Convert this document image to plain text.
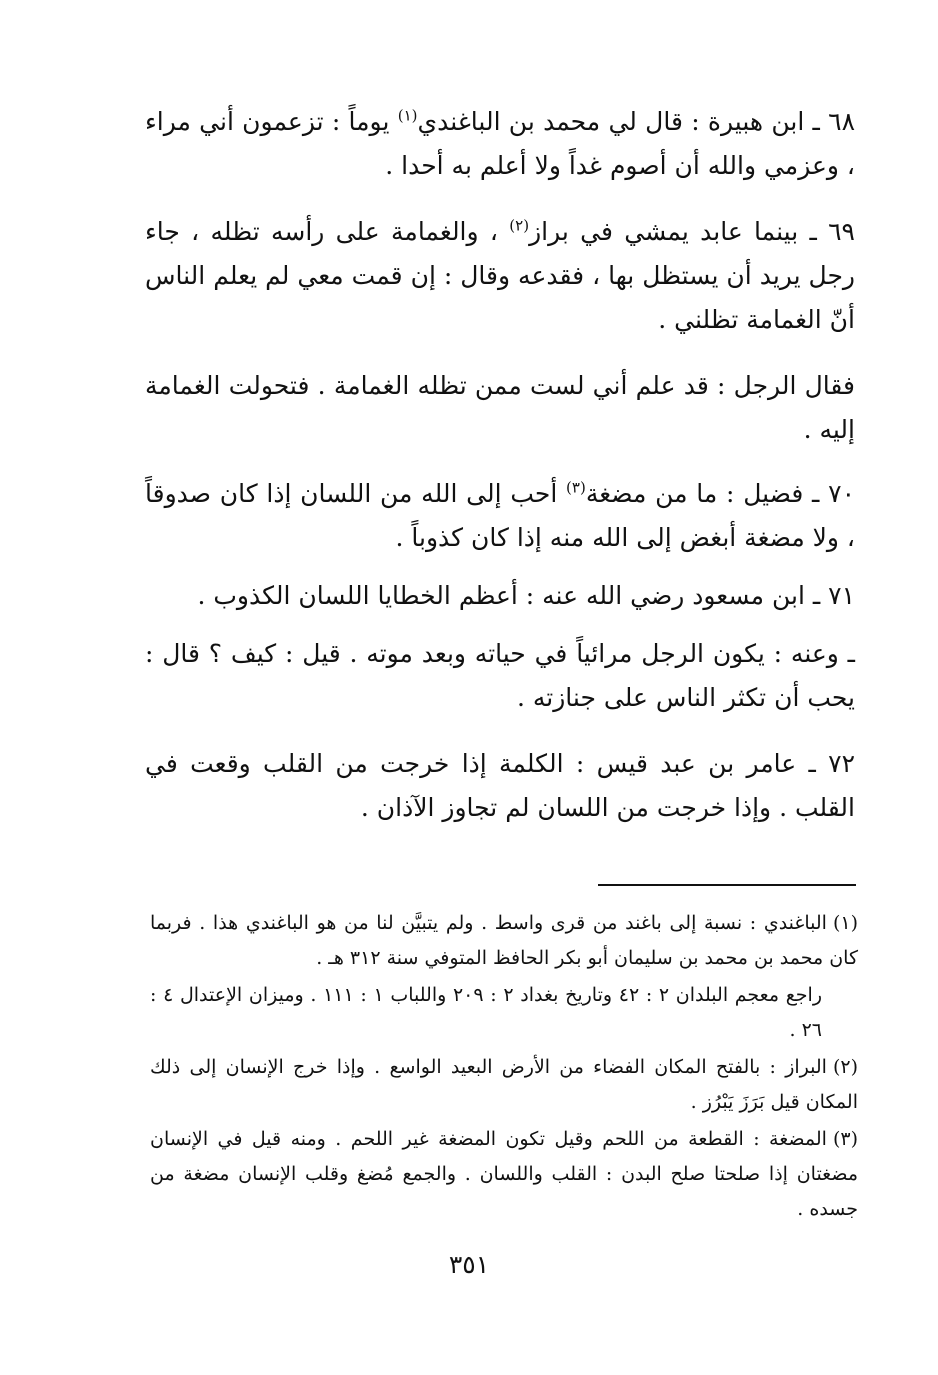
٦٨ ـ ابن هبيرة : قال لي محمد بن الباغندي$^{(١)}$ يوماً : تزعمون أني مراء ، وعزمي والله أن أصوم غداً ولا أعلم به أحدا .

٦٩ ـ بينما عابد يمشي في براز$^{(٢)}$ ، والغمامة على رأسه تظله ، جاء رجل يريد أن يستظل بها ، فقدعه وقال : إن قمت معي لم يعلم الناس أنّ الغمامة تظلني .

فقال الرجل : قد علم أني لست ممن تظله الغمامة . فتحولت الغمامة إليه .

٧٠ ـ فضيل : ما من مضغة$^{(٣)}$ أحب إلى الله من اللسان إذا كان صدوقاً ، ولا مضغة أبغض إلى الله منه إذا كان كذوباً .

٧١ ـ ابن مسعود رضي الله عنه : أعظم الخطايا اللسان الكذوب .

ـ وعنه : يكون الرجل مرائياً في حياته وبعد موته . قيل : كيف ؟ قال : يحب أن تكثر الناس على جنازته .

٧٢ ـ عامر بن عبد قيس : الكلمة إذا خرجت من القلب وقعت في القلب . وإذا خرجت من اللسان لم تجاوز الآذان .

(١)الباغندي : نسبة إلى باغند من قرى واسط . ولم يتبيَّن لنا من هو الباغندي هذا . فربما كان محمد بن محمد بن سليمان أبو بكر الحافظ المتوفي سنة ٣١٢ هـ .

راجع معجم البلدان ٢ : ٤٢ وتاريخ بغداد ٢ : ٢٠٩ واللباب ١ : ١١١ . وميزان الإعتدال ٤ : ٢٦ .

(٢)البراز : بالفتح المكان الفضاء من الأرض البعيد الواسع . وإذا خرج الإنسان إلى ذلك المكان قيل بَرَزَ يَبْرُز .

(٣)المضغة : القطعة من اللحم وقيل تكون المضغة غير اللحم . ومنه قيل في الإنسان مضغتان إذا صلحتا صلح البدن : القلب واللسان . والجمع مُضغ وقلب الإنسان مضغة من جسده .

٣٥١
